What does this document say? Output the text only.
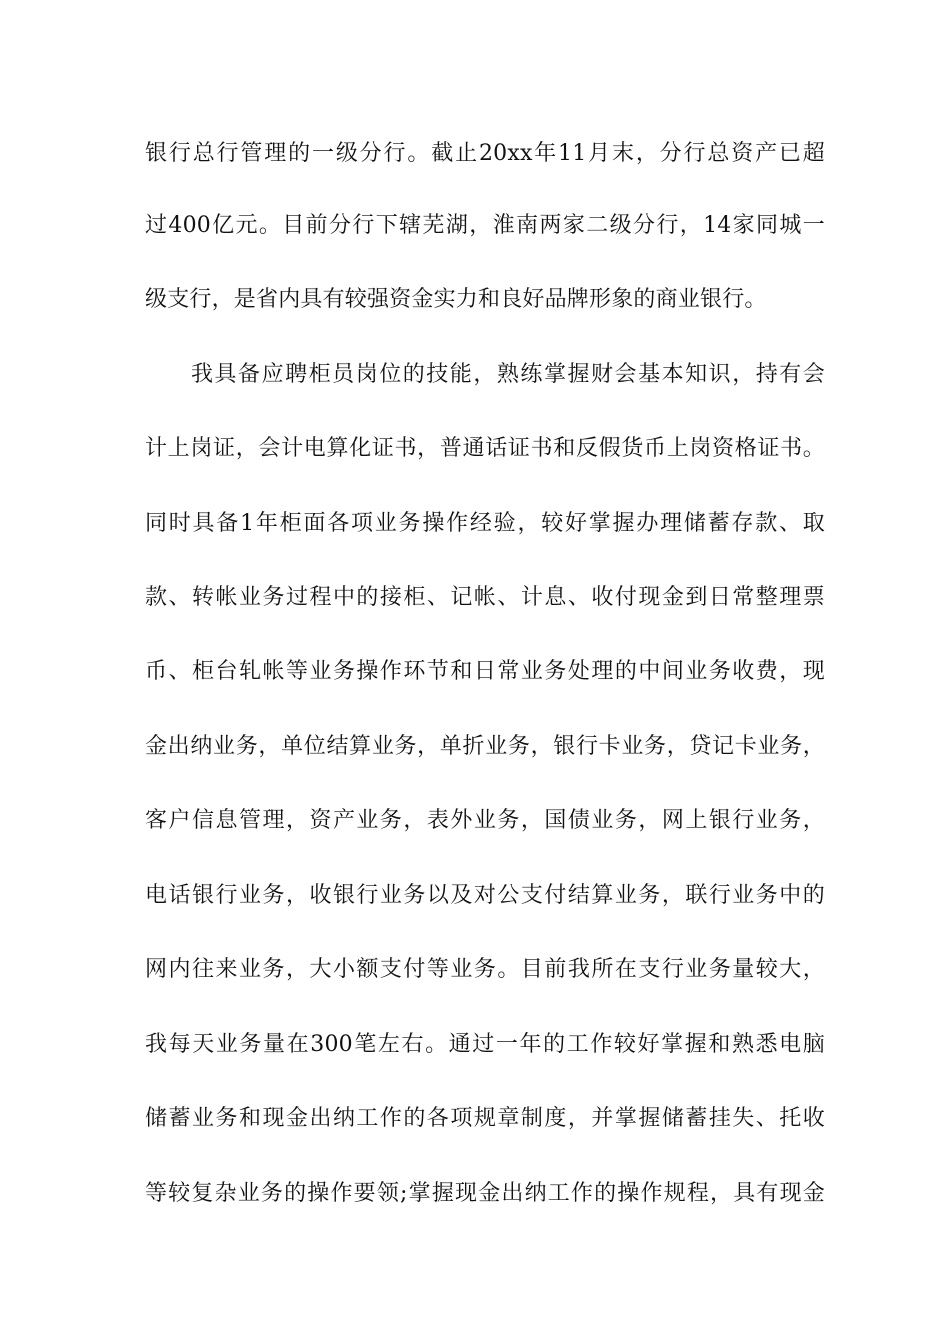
银行总行管理的一级分行。截止20xx年11月末，分行总资产已超
过400亿元。目前分行下辖芜湖，淮南两家二级分行，14家同城一
级支行，是省内具有较强资金实力和良好品牌形象的商业银行。
我具备应聘柜员岗位的技能，熟练掌握财会基本知识，持有会
计上岗证，会计电算化证书，普通话证书和反假货币上岗资格证书。
同时具备1年柜面各项业务操作经验，较好掌握办理储蓄存款、取
款、转帐业务过程中的接柜、记帐、计息、收付现金到日常整理票
币、柜台轧帐等业务操作环节和日常业务处理的中间业务收费，现
金出纳业务，单位结算业务，单折业务，银行卡业务，贷记卡业务，
客户信息管理，资产业务，表外业务，国债业务，网上银行业务，
电话银行业务，收银行业务以及对公支付结算业务，联行业务中的
网内往来业务，大小额支付等业务。目前我所在支行业务量较大，
我每天业务量在300笔左右。通过一年的工作较好掌握和熟悉电脑
储蓄业务和现金出纳工作的各项规章制度，并掌握储蓄挂失、托收
等较复杂业务的操作要领;掌握现金出纳工作的操作规程，具有现金
